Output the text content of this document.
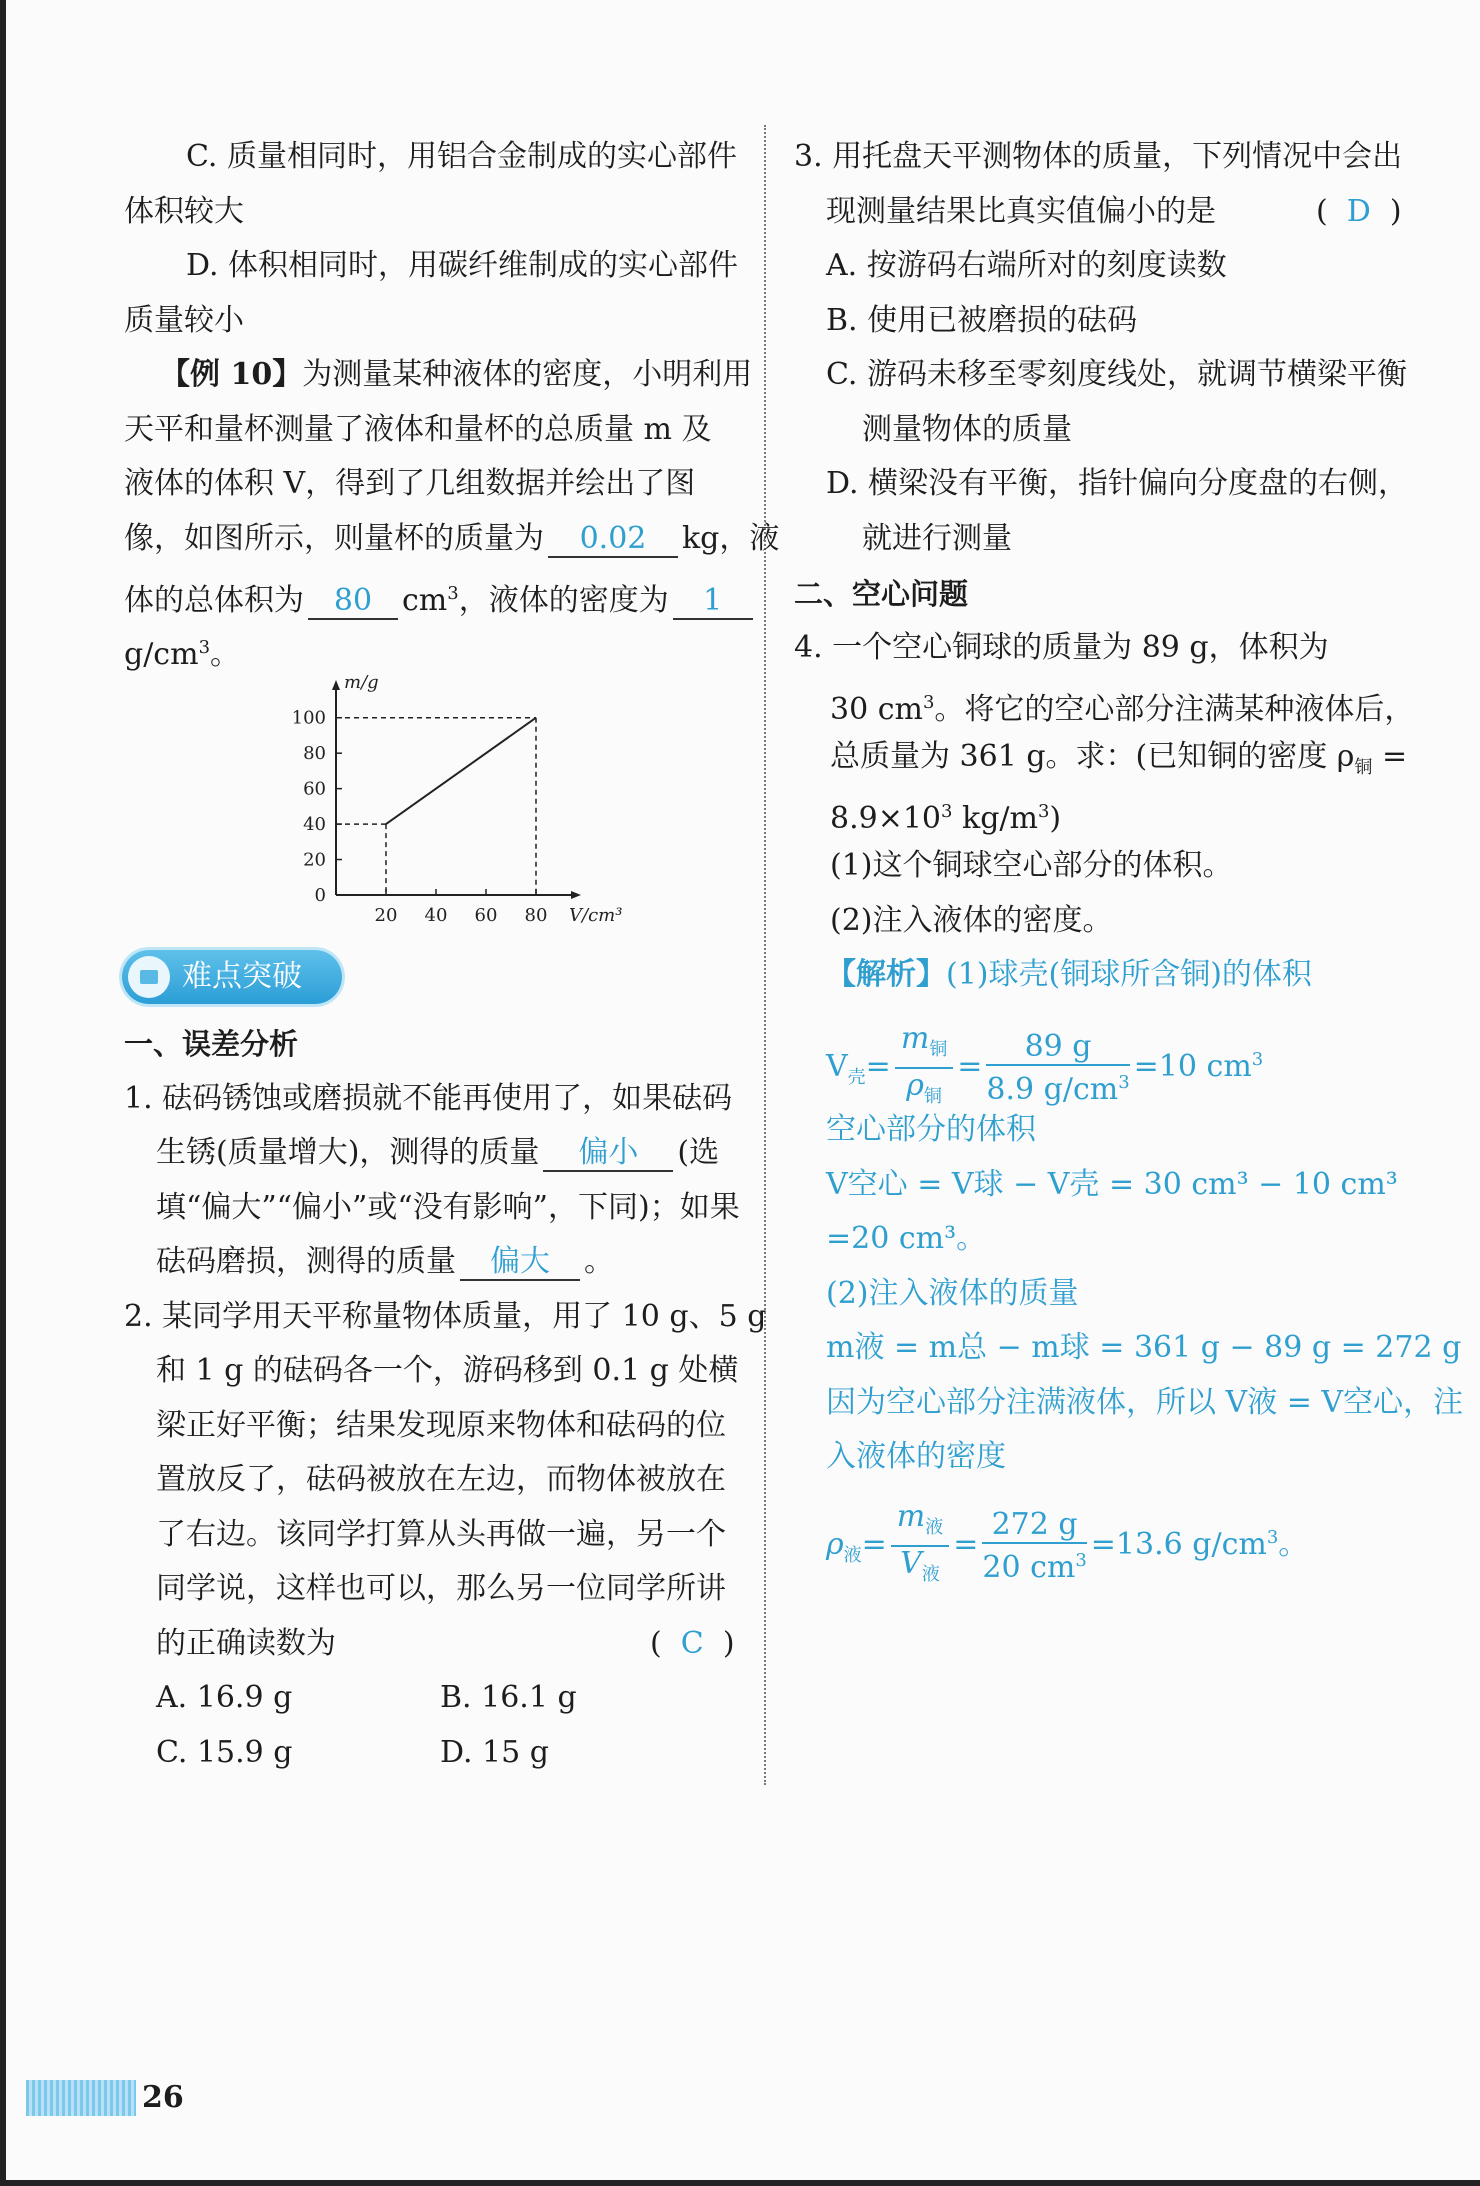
C. 质量相同时，用铝合金制成的实心部件
体积较大
D. 体积相同时，用碳纤维制成的实心部件
质量较小
【例 10】为测量某种液体的密度，小明利用
天平和量杯测量了液体和量杯的总质量 m 及
液体的体积 V，得到了几组数据并绘出了图
像，如图所示，则量杯的质量为 0.02 kg，液
体的总体积为 80 $cm^3$，液体的密度为 1
$g/cm^3$。
0
20
40
60
80
100
20 40 60 80 V/cm³
m/g
难点突破
一、误差分析
1. 砝码锈蚀或磨损就不能再使用了，如果砝码
生锈(质量增大)，测得的质量 偏小 (选
填“偏大”“偏小”或“没有影响”，下同)；如果
砝码磨损，测得的质量 偏大 。
2. 某同学用天平称量物体质量，用了 10 g、5 g
和 1 g 的砝码各一个，游码移到 0.1 g 处横
梁正好平衡；结果发现原来物体和砝码的位
置放反了，砝码被放在左边，而物体被放在
了右边。该同学打算从头再做一遍，另一个
同学说，这样也可以，那么另一位同学所讲
的正确读数为	(  C  )
A. 16.9 g	B. 16.1 g
C. 15.9 g	D. 15 g
3. 用托盘天平测物体的质量，下列情况中会出
现测量结果比真实值偏小的是	(  D  )
A. 按游码右端所对的刻度读数
B. 使用已被磨损的砝码
C. 游码未移至零刻度线处，就调节横梁平衡
测量物体的质量
D. 横梁没有平衡，指针偏向分度盘的右侧，
就进行测量
二、空心问题
4. 一个空心铜球的质量为 89 g，体积为
30 $cm^3$。将它的空心部分注满某种液体后，
总质量为 361 g。求：(已知铜的密度 $\rho_铜$ =
$8.9\times 10^3$ $kg/m^3$)
(1)这个铜球空心部分的体积。
(2)注入液体的密度。
【解析】(1)球壳(铜球所含铜)的体积
$V_壳= \frac{m_铜}{\rho_铜} = \frac{89 g}{8.9 g/cm^3} =10$ $cm^3$
空心部分的体积
V空心 = V球 − V壳 = 30 cm³ − 10 cm³
=20 cm³。
(2)注入液体的质量
m液 = m总 − m球 = 361 g − 89 g = 272 g
因为空心部分注满液体，所以 V液 = V空心，注
入液体的密度
$\rho_液= \frac{m_液}{V_液} = \frac{272 g}{20 cm^3} =13.6$ $g/cm^3$。
26
